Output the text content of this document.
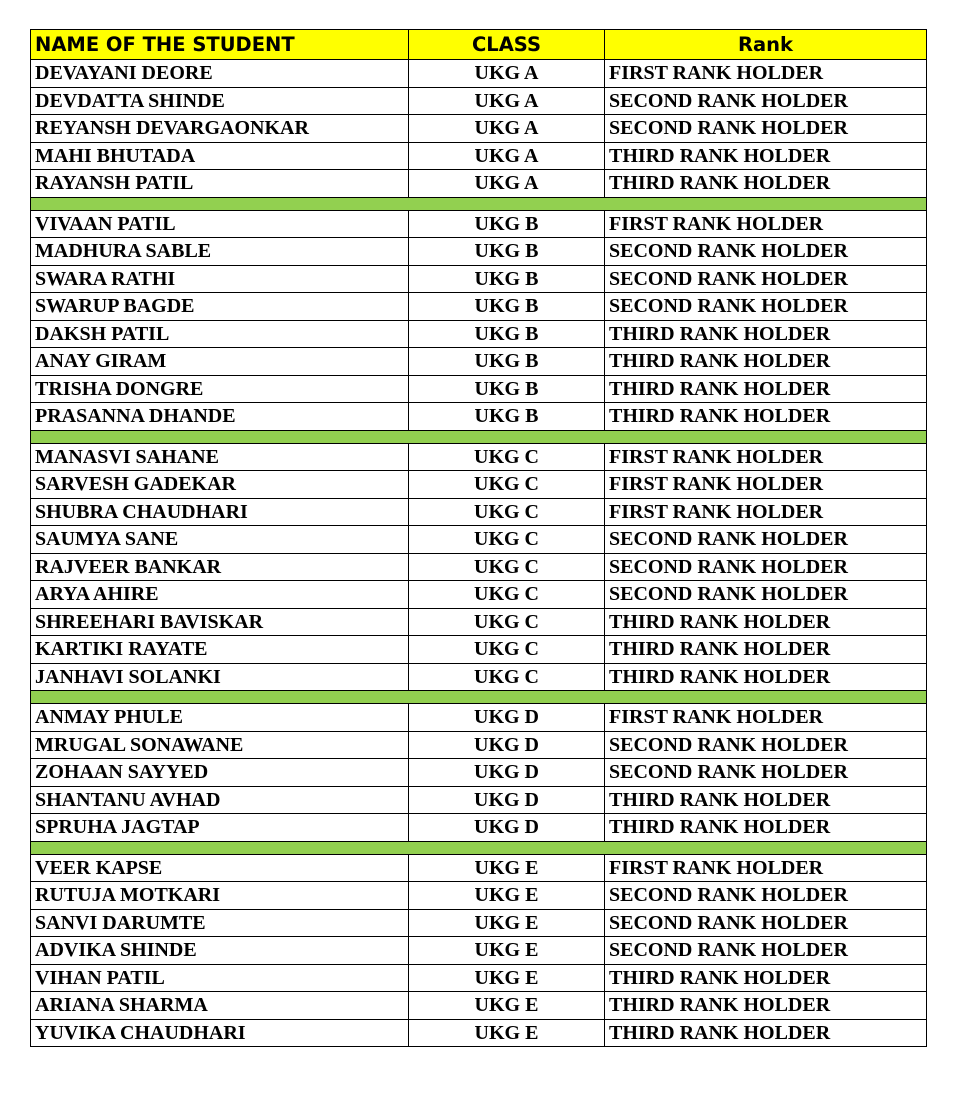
NAME OF THE STUDENT	CLASS	Rank
DEVAYANI DEORE	UKG A	FIRST RANK HOLDER
DEVDATTA SHINDE	UKG A	SECOND RANK HOLDER
REYANSH DEVARGAONKAR	UKG A	SECOND RANK HOLDER
MAHI BHUTADA	UKG A	THIRD RANK HOLDER
RAYANSH PATIL	UKG A	THIRD RANK HOLDER

VIVAAN PATIL	UKG B	FIRST RANK HOLDER
MADHURA SABLE	UKG B	SECOND RANK HOLDER
SWARA RATHI	UKG B	SECOND RANK HOLDER
SWARUP BAGDE	UKG B	SECOND RANK HOLDER
DAKSH PATIL	UKG B	THIRD RANK HOLDER
ANAY GIRAM	UKG B	THIRD RANK HOLDER
TRISHA DONGRE	UKG B	THIRD RANK HOLDER
PRASANNA DHANDE	UKG B	THIRD RANK HOLDER

MANASVI SAHANE	UKG C	FIRST RANK HOLDER
SARVESH GADEKAR	UKG C	FIRST RANK HOLDER
SHUBRA CHAUDHARI	UKG C	FIRST RANK HOLDER
SAUMYA SANE	UKG C	SECOND RANK HOLDER
RAJVEER BANKAR	UKG C	SECOND RANK HOLDER
ARYA AHIRE	UKG C	SECOND RANK HOLDER
SHREEHARI BAVISKAR	UKG C	THIRD RANK HOLDER
KARTIKI RAYATE	UKG C	THIRD RANK HOLDER
JANHAVI SOLANKI	UKG C	THIRD RANK HOLDER

ANMAY PHULE	UKG D	FIRST RANK HOLDER
MRUGAL SONAWANE	UKG D	SECOND RANK HOLDER
ZOHAAN SAYYED	UKG D	SECOND RANK HOLDER
SHANTANU AVHAD	UKG D	THIRD RANK HOLDER
SPRUHA JAGTAP	UKG D	THIRD RANK HOLDER

VEER KAPSE	UKG E	FIRST RANK HOLDER
RUTUJA MOTKARI	UKG E	SECOND RANK HOLDER
SANVI DARUMTE	UKG E	SECOND RANK HOLDER
ADVIKA SHINDE	UKG E	SECOND RANK HOLDER
VIHAN PATIL	UKG E	THIRD RANK HOLDER
ARIANA SHARMA	UKG E	THIRD RANK HOLDER
YUVIKA CHAUDHARI	UKG E	THIRD RANK HOLDER
